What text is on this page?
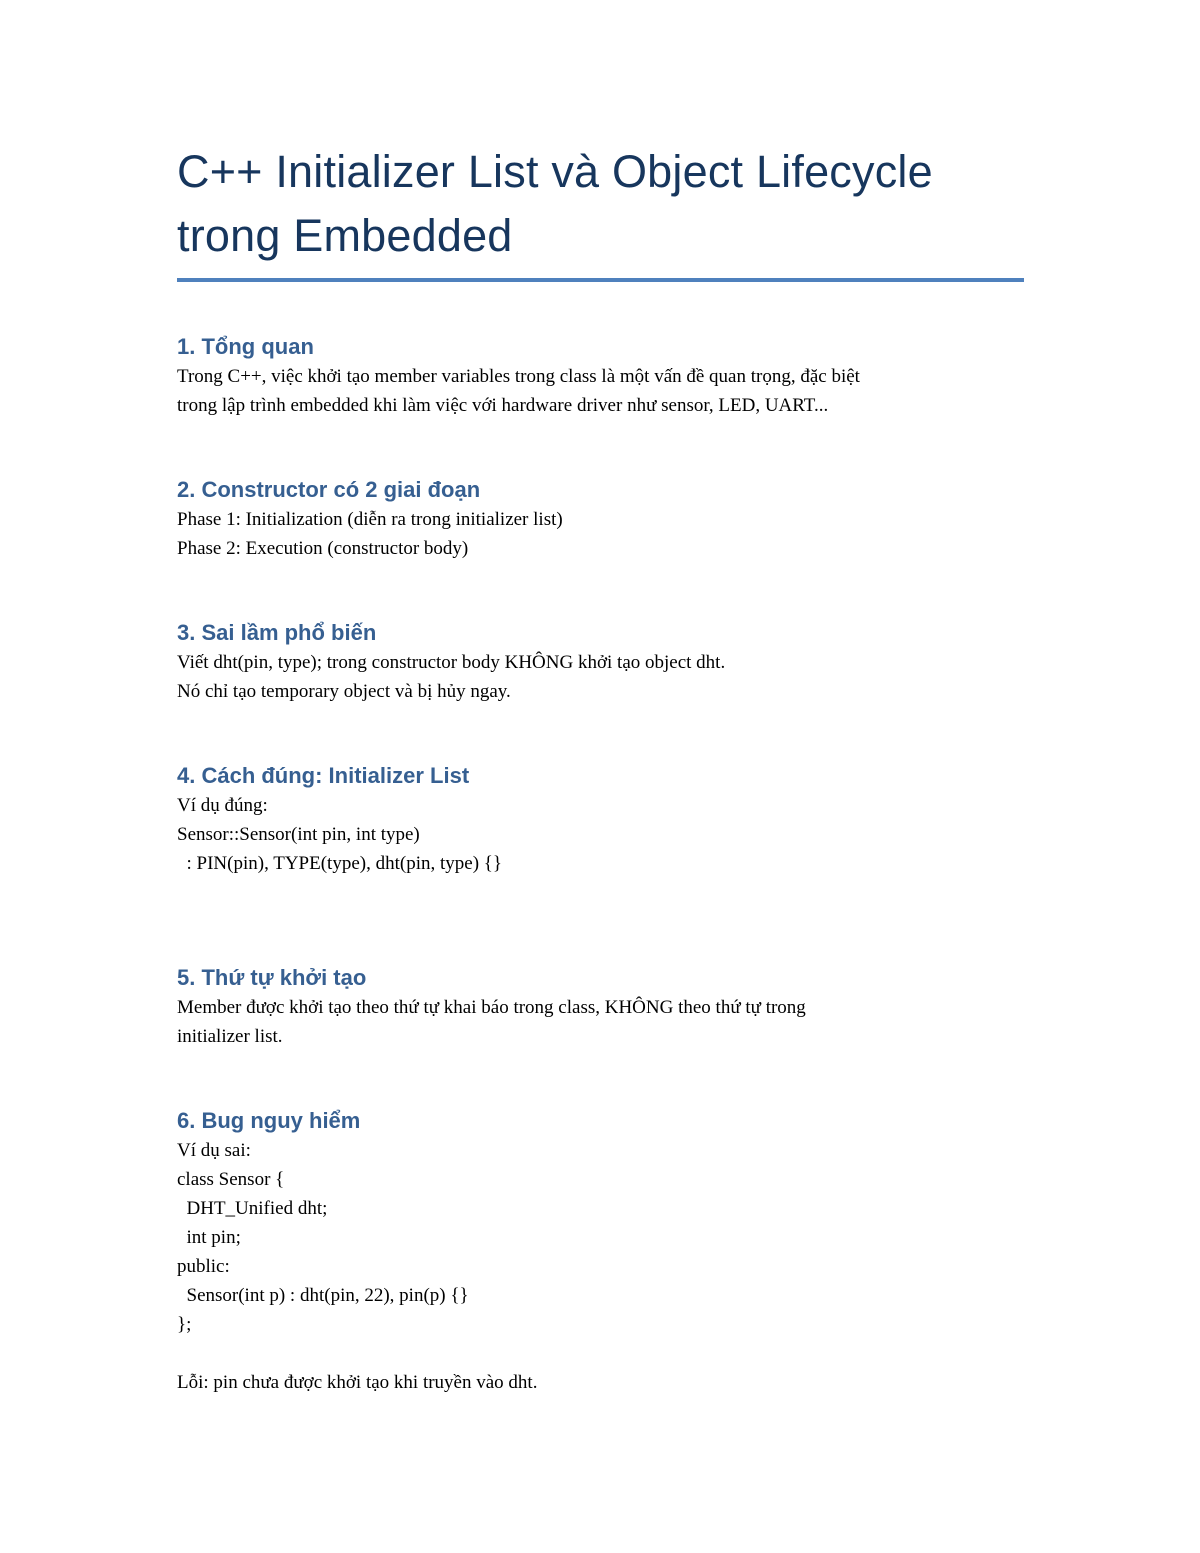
C++ Initializer List và Object Lifecycle
trong Embedded
1. Tổng quan
Trong C++, việc khởi tạo member variables trong class là một vấn đề quan trọng, đặc biệt
trong lập trình embedded khi làm việc với hardware driver như sensor, LED, UART...
2. Constructor có 2 giai đoạn
Phase 1: Initialization (diễn ra trong initializer list)
Phase 2: Execution (constructor body)
3. Sai lầm phổ biến
Viết dht(pin, type); trong constructor body KHÔNG khởi tạo object dht.
Nó chỉ tạo temporary object và bị hủy ngay.
4. Cách đúng: Initializer List
Ví dụ đúng:
Sensor::Sensor(int pin, int type)
: PIN(pin), TYPE(type), dht(pin, type) {}
5. Thứ tự khởi tạo
Member được khởi tạo theo thứ tự khai báo trong class, KHÔNG theo thứ tự trong
initializer list.
6. Bug nguy hiểm
Ví dụ sai:
class Sensor {
DHT_Unified dht;
int pin;
public:
Sensor(int p) : dht(pin, 22), pin(p) {}
};
Lỗi: pin chưa được khởi tạo khi truyền vào dht.
